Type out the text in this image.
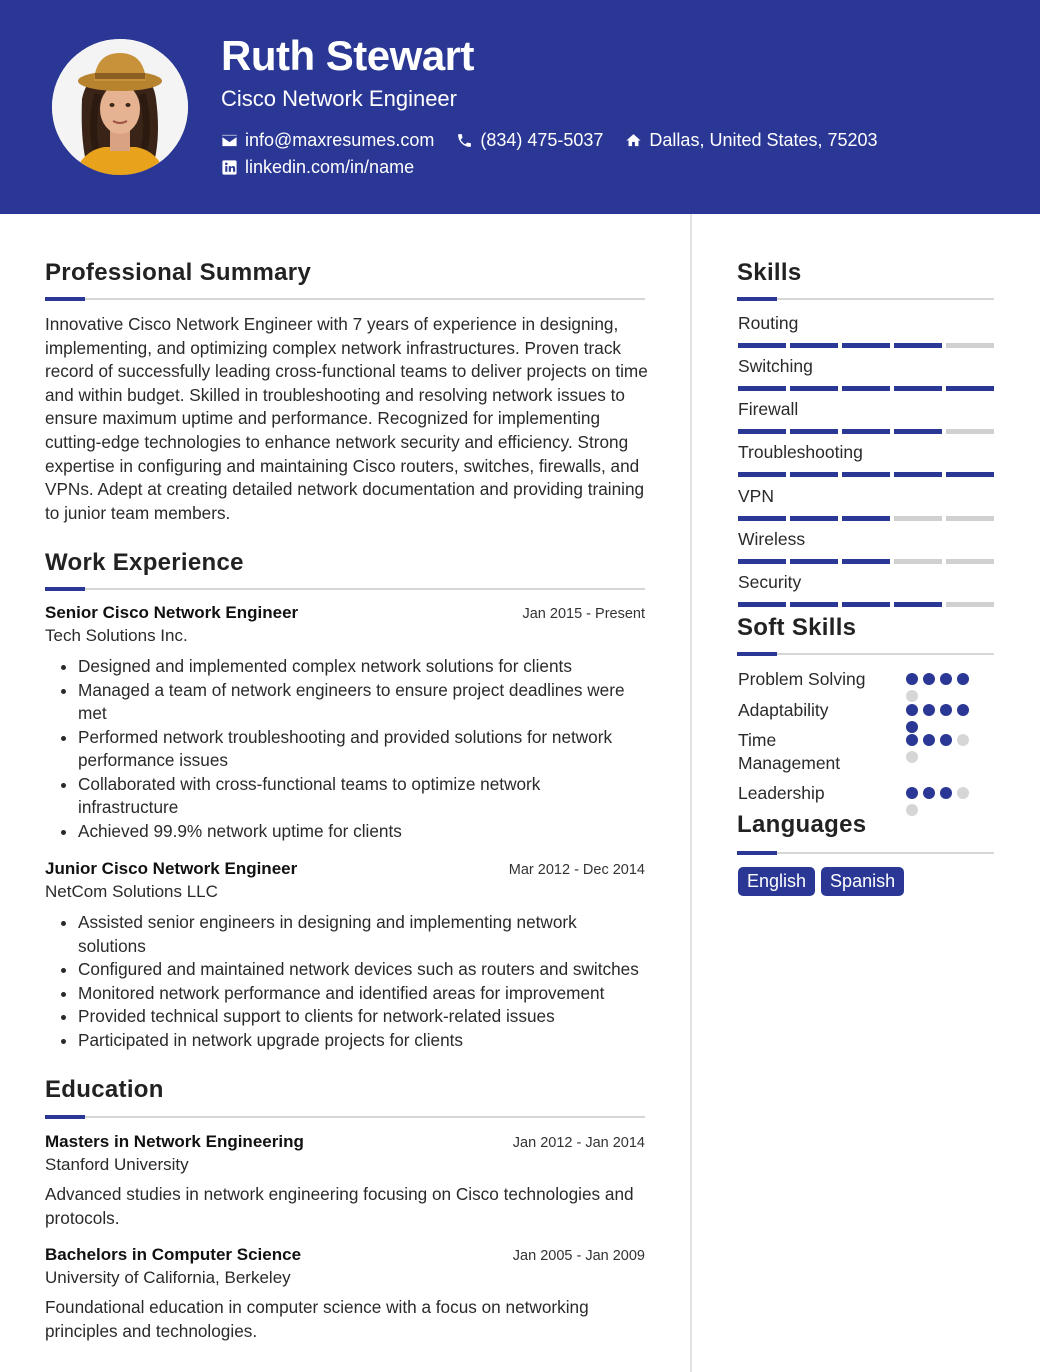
Ruth Stewart
Cisco Network Engineer
info@maxresumes.com	(834) 475-5037	Dallas, United States, 75203
linkedin.com/in/name
Professional Summary

Innovative Cisco Network Engineer with 7 years of experience in designing, implementing, and optimizing complex network infrastructures. Proven track record of successfully leading cross-functional teams to deliver projects on time and within budget. Skilled in troubleshooting and resolving network issues to ensure maximum uptime and performance. Recognized for implementing cutting-edge technologies to enhance network security and efficiency. Strong expertise in configuring and maintaining Cisco routers, switches, firewalls, and VPNs. Adept at creating detailed network documentation and providing training to junior team members.

Work Experience
Senior Cisco Network Engineer	Jan 2015 - Present
Tech Solutions Inc.
• Designed and implemented complex network solutions for clients
• Managed a team of network engineers to ensure project deadlines were met
• Performed network troubleshooting and provided solutions for network performance issues
• Collaborated with cross-functional teams to optimize network infrastructure
• Achieved 99.9% network uptime for clients
Junior Cisco Network Engineer	Mar 2012 - Dec 2014
NetCom Solutions LLC
• Assisted senior engineers in designing and implementing network solutions
• Configured and maintained network devices such as routers and switches
• Monitored network performance and identified areas for improvement
• Provided technical support to clients for network-related issues
• Participated in network upgrade projects for clients
Education
Masters in Network Engineering	Jan 2012 - Jan 2014
Stanford University
Advanced studies in network engineering focusing on Cisco technologies and protocols.
Bachelors in Computer Science	Jan 2005 - Jan 2009
University of California, Berkeley
Foundational education in computer science with a focus on networking principles and technologies.
Skills
Routing
Switching
Firewall
Troubleshooting
VPN
Wireless
Security
Soft Skills
Problem Solving
Adaptability
Time Management
Leadership
Languages
English	Spanish
